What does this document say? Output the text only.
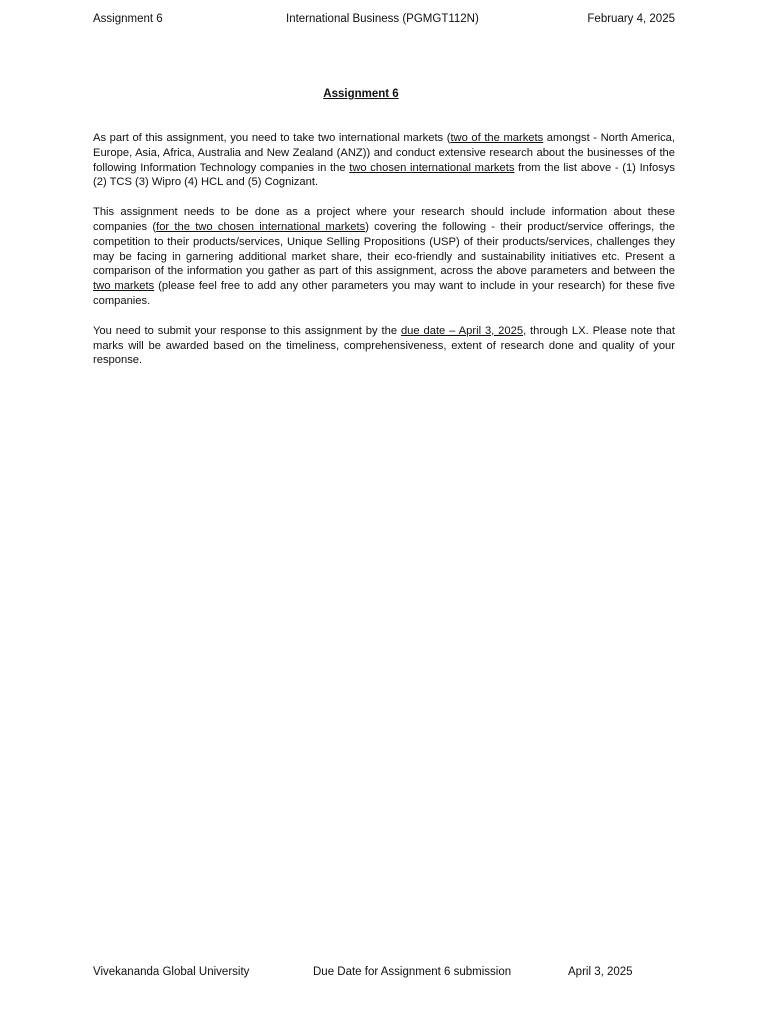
Assignment 6	International Business (PGMGT112N)	February 4, 2025
Assignment 6

As part of this assignment, you need to take two international markets (two of the markets amongst - North America, Europe, Asia, Africa, Australia and New Zealand (ANZ)) and conduct extensive research about the businesses of the following Information Technology companies in the two chosen international markets from the list above - (1) Infosys (2) TCS (3) Wipro (4) HCL and (5) Cognizant.

This assignment needs to be done as a project where your research should include information about these companies (for the two chosen international markets) covering the following - their product/service offerings, the competition to their products/services, Unique Selling Propositions (USP) of their products/services, challenges they may be facing in garnering additional market share, their eco-friendly and sustainability initiatives etc. Present a comparison of the information you gather as part of this assignment, across the above parameters and between the two markets (please feel free to add any other parameters you may want to include in your research) for these five companies.

You need to submit your response to this assignment by the due date – April 3, 2025, through LX. Please note that marks will be awarded based on the timeliness, comprehensiveness, extent of research done and quality of your response.

Vivekananda Global University	Due Date for Assignment 6 submission	April 3, 2025
